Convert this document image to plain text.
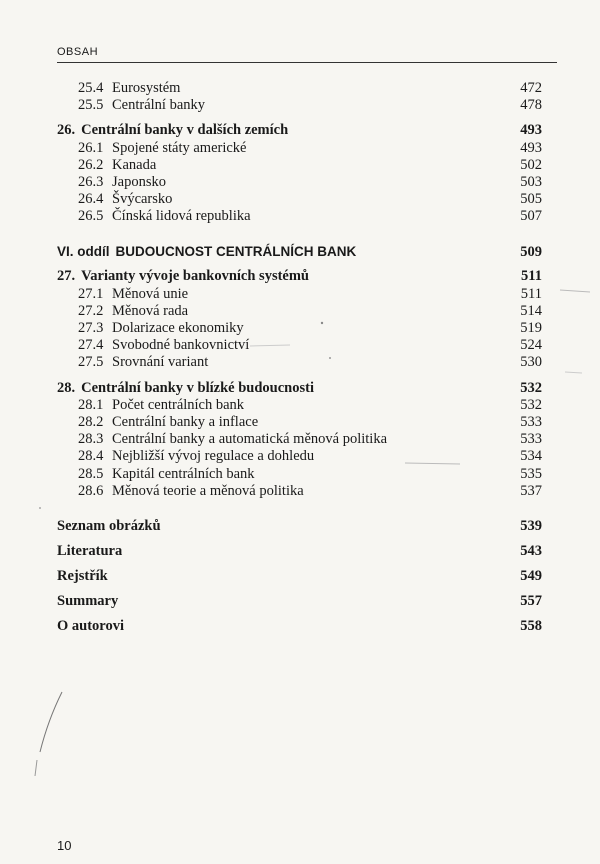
OBSAH
25.4 Eurosystém	472
25.5 Centrální banky	478
26. Centrální banky v dalších zemích	493
26.1 Spojené státy americké	493
26.2 Kanada	502
26.3 Japonsko	503
26.4 Švýcarsko	505
26.5 Čínská lidová republika	507
VI. oddíl BUDOUCNOST CENTRÁLNÍCH BANK	509
27. Varianty vývoje bankovních systémů	511
27.1 Měnová unie	511
27.2 Měnová rada	514
27.3 Dolarizace ekonomiky	519
27.4 Svobodné bankovnictví	524
27.5 Srovnání variant	530
28. Centrální banky v blízké budoucnosti	532
28.1 Počet centrálních bank	532
28.2 Centrální banky a inflace	533
28.3 Centrální banky a automatická měnová politika	533
28.4 Nejbližší vývoj regulace a dohledu	534
28.5 Kapitál centrálních bank	535
28.6 Měnová teorie a měnová politika	537
Seznam obrázků	539
Literatura	543
Rejstřík	549
Summary	557
O autorovi	558
10
